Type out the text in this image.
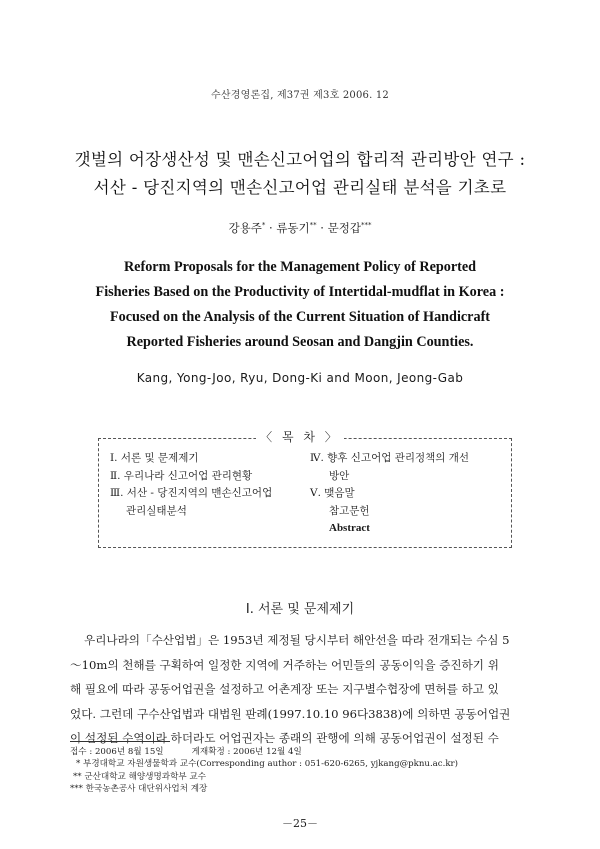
수산경영론집, 제37권 제3호 2006. 12
갯벌의 어장생산성 및 맨손신고어업의 합리적 관리방안 연구 :
서산 - 당진지역의 맨손신고어업 관리실태 분석을 기초로
강용주* · 류동기** · 문정갑***
Reform Proposals for the Management Policy of Reported
Fisheries Based on the Productivity of Intertidal-mudflat in Korea :
Focused on the Analysis of the Current Situation of Handicraft
Reported Fisheries around Seosan and Dangjin Counties.
Kang, Yong-Joo, Ryu, Dong-Ki and Moon, Jeong-Gab
〈 목 차 〉
Ⅰ. 서론 및 문제제기
Ⅱ. 우리나라 신고어업 관리현황
Ⅲ. 서산 - 당진지역의 맨손신고어업
관리실태분석
Ⅳ. 향후 신고어업 관리정책의 개선
방안
Ⅴ. 맺음말
참고문헌
Abstract
Ⅰ. 서론 및 문제제기
우리나라의「수산업법」은 1953년 제정될 당시부터 해안선을 따라 전개되는 수심 5
～10m의 천해를 구획하여 일정한 지역에 거주하는 어민들의 공동이익을 증진하기 위
해 필요에 따라 공동어업권을 설정하고 어촌계장 또는 지구별수협장에 면허를 하고 있
었다. 그런데 구수산업법과 대법원 판례(1997.10.10 96다3838)에 의하면 공동어업권
이 설정된 수역이라 하더라도 어업권자는 종래의 관행에 의해 공동어업권이 설정된 수
접수 : 2006년 8월 15일	게재확정 : 2006년 12월 4일
* 부경대학교 자원생물학과 교수(Corresponding author : 051-620-6265, yjkang@pknu.ac.kr)
** 군산대학교 해양생명과학부 교수
*** 한국농촌공사 대단위사업처 계장
－25－
